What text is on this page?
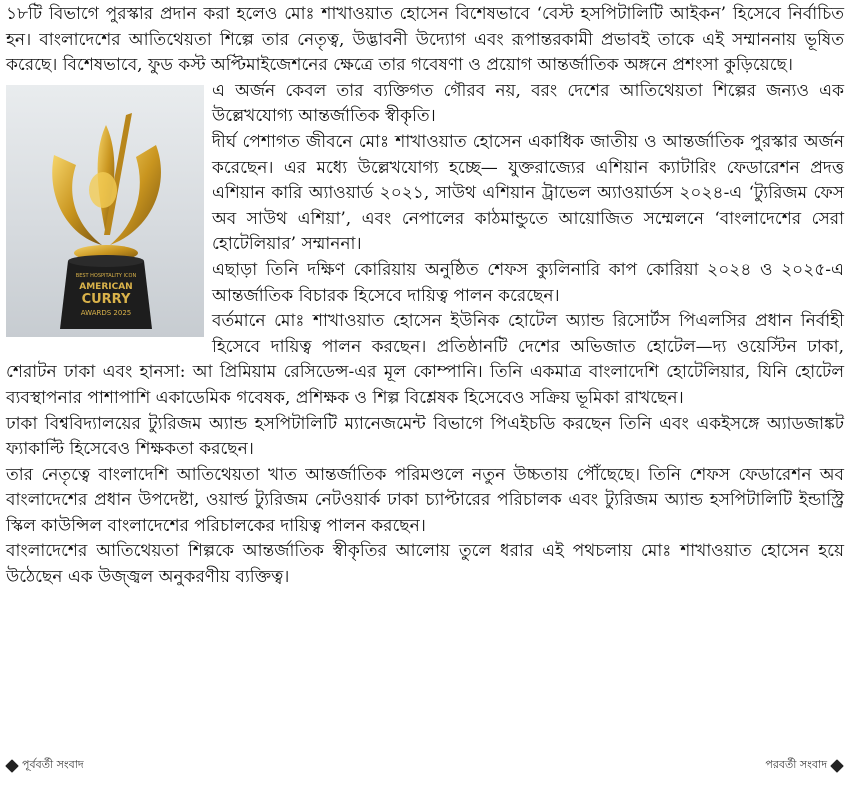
১৮টি বিভাগে পুরস্কার প্রদান করা হলেও মোঃ শাখাওয়াত হোসেন বিশেষভাবে ‘বেস্ট হসপিটালিটি আইকন’ হিসেবে নির্বাচিত হন। বাংলাদেশের আতিথেয়তা শিল্পে তার নেতৃত্ব, উদ্ভাবনী উদ্যোগ এবং রূপান্তরকামী প্রভাবই তাকে এই সম্মাননায় ভূষিত করেছে। বিশেষভাবে, ফুড কস্ট অপ্টিমাইজেশনের ক্ষেত্রে তার গবেষণা ও প্রয়োগ আন্তর্জাতিক অঙ্গনে প্রশংসা কুড়িয়েছে।

BEST HOSPITALITY ICON
AMERICAN
CURRY
AWARDS 2025

এ অর্জন কেবল তার ব্যক্তিগত গৌরব নয়, বরং দেশের আতিথেয়তা শিল্পের জন্যও এক উল্লেখযোগ্য আন্তর্জাতিক স্বীকৃতি।

দীর্ঘ পেশাগত জীবনে মোঃ শাখাওয়াত হোসেন একাধিক জাতীয় ও আন্তর্জাতিক পুরস্কার অর্জন করেছেন। এর মধ্যে উল্লেখযোগ্য হচ্ছে— যুক্তরাজ্যের এশিয়ান ক্যাটারিং ফেডারেশন প্রদত্ত এশিয়ান কারি অ্যাওয়ার্ড ২০২১, সাউথ এশিয়ান ট্রাভেল অ্যাওয়ার্ডস ২০২৪-এ ‘ট্যুরিজম ফেস অব সাউথ এশিয়া’, এবং নেপালের কাঠমান্ডুতে আয়োজিত সম্মেলনে ‘বাংলাদেশের সেরা হোটেলিয়ার’ সম্মাননা।

এছাড়া তিনি দক্ষিণ কোরিয়ায় অনুষ্ঠিত শেফস ক্যুলিনারি কাপ কোরিয়া ২০২৪ ও ২০২৫-এ আন্তর্জাতিক বিচারক হিসেবে দায়িত্ব পালন করেছেন।

বর্তমানে মোঃ শাখাওয়াত হোসেন ইউনিক হোটেল অ্যান্ড রিসোর্টস পিএলসির প্রধান নির্বাহী হিসেবে দায়িত্ব পালন করছেন। প্রতিষ্ঠানটি দেশের অভিজাত হোটেল—দ্য ওয়েস্টিন ঢাকা, শেরাটন ঢাকা এবং হানসা: আ প্রিমিয়াম রেসিডেন্স-এর মূল কোম্পানি। তিনি একমাত্র বাংলাদেশি হোটেলিয়ার, যিনি হোটেল ব্যবস্থাপনার পাশাপাশি একাডেমিক গবেষক, প্রশিক্ষক ও শিল্প বিশ্লেষক হিসেবেও সক্রিয় ভূমিকা রাখছেন।

ঢাকা বিশ্ববিদ্যালয়ের ট্যুরিজম অ্যান্ড হসপিটালিটি ম্যানেজমেন্ট বিভাগে পিএইচডি করছেন তিনি এবং একইসঙ্গে অ্যাডজাঙ্কট ফ্যাকাল্টি হিসেবেও শিক্ষকতা করছেন।

তার নেতৃত্বে বাংলাদেশি আতিথেয়তা খাত আন্তর্জাতিক পরিমণ্ডলে নতুন উচ্চতায় পৌঁছেছে। তিনি শেফস ফেডারেশন অব বাংলাদেশের প্রধান উপদেষ্টা, ওয়ার্ল্ড ট্যুরিজম নেটওয়ার্ক ঢাকা চ্যাপ্টারের পরিচালক এবং ট্যুরিজম অ্যান্ড হসপিটালিটি ইন্ডাস্ট্রি স্কিল কাউন্সিল বাংলাদেশের পরিচালকের দায়িত্ব পালন করছেন।

বাংলাদেশের আতিথেয়তা শিল্পকে আন্তর্জাতিক স্বীকৃতির আলোয় তুলে ধরার এই পথচলায় মোঃ শাখাওয়াত হোসেন হয়ে উঠেছেন এক উজ্জ্বল অনুকরণীয় ব্যক্তিত্ব।

পূর্ববর্তী সংবাদ	পরবর্তী সংবাদ
